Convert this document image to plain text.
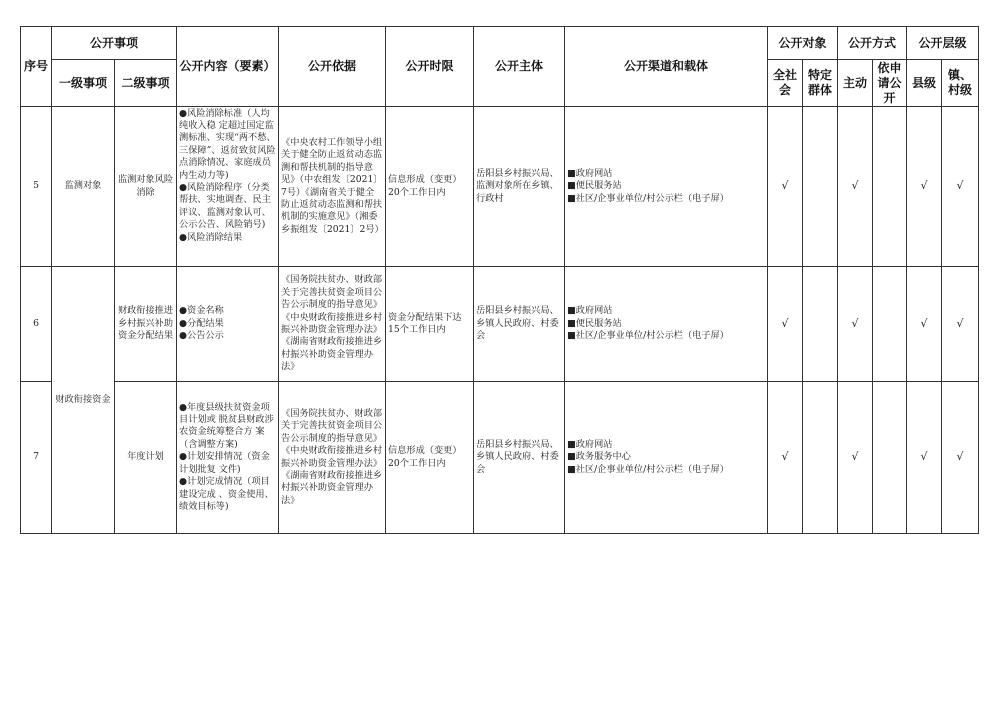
序号	公开事项		公开内容（要素）	公开依据	公开时限	公开主体	公开渠道和载体	公开对象		公开方式		公开层级	
	一级事项	二级事项						全社会	特定群体	主动	依申请公开	县级	镇、村级
5	监测对象	监测对象风险消除	●风险消除标准（人均纯收入稳 定超过国定监测标准、实现“两不愁、三保障”、返贫致贫风险 点消除情况、家庭成员内生动力等)
●风险消除程序（分类帮扶、实地调查、民主评议、监测对象认可、公示公告、风险销号)
●风险消除结果	《中央农村工作领导小组关于健全防止返贫动态监测和帮扶机制的指导意见》（中农组发〔2021〕7号）《湖南省关于健全防止返贫动态监测和帮扶机制的实施意见》（湘委乡振组发〔2021〕2号）	信息形成（变更）20个工作日内	岳阳县乡村振兴局、监测对象所在乡镇、行政村	■政府网站
■便民服务站
■社区/企事业单位/村公示栏（电子屏）	√		√		√	√
6	财政衔接资金	财政衔接推进乡村振兴补助资金分配结果	●资金名称
●分配结果
●公告公示	《国务院扶贫办、财政部关于完善扶贫资金项目公告公示制度的指导意见》《中央财政衔接推进乡村振兴补助资金管理办法》《湖南省财政衔接推进乡村振兴补助资金管理办法》	资金分配结果下达15个工作日内	岳阳县乡村振兴局、乡镇人民政府、村委会	■政府网站
■便民服务站
■社区/企事业单位/村公示栏（电子屏）	√		√		√	√
7		年度计划	●年度县级扶贫资金项目计划或 脱贫县财政涉农资金统筹整合方 案（含调整方案)
●计划安排情况（资金计划批复 文件)
●计划完成情况（项目建设完成 、资金使用、绩效目标等)	《国务院扶贫办、财政部关于完善扶贫资金项目公告公示制度的指导意见》《中央财政衔接推进乡村振兴补助资金管理办法》《湖南省财政衔接推进乡村振兴补助资金管理办法》	信息形成（变更）20个工作日内	岳阳县乡村振兴局、乡镇人民政府、村委会	■政府网站
■政务服务中心
■社区/企事业单位/村公示栏（电子屏）	√		√		√	√
